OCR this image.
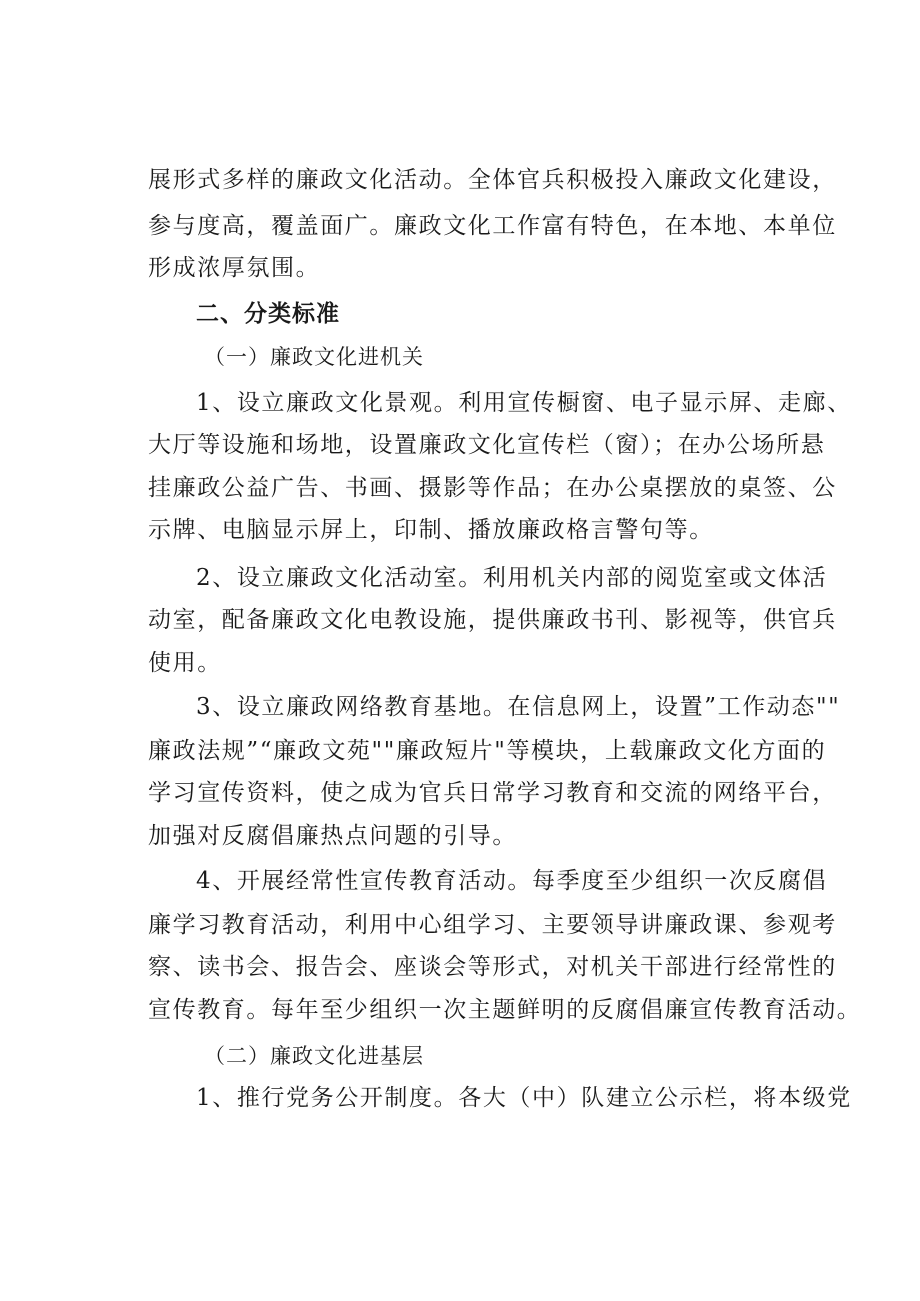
展形式多样的廉政文化活动。全体官兵积极投入廉政文化建设，
参与度高，覆盖面广。廉政文化工作富有特色，在本地、本单位
形成浓厚氛围。
二、分类标准
（一）廉政文化进机关
1、设立廉政文化景观。利用宣传橱窗、电子显示屏、走廊、
大厅等设施和场地，设置廉政文化宣传栏（窗）；在办公场所悬
挂廉政公益广告、书画、摄影等作品；在办公桌摆放的桌签、公
示牌、电脑显示屏上，印制、播放廉政格言警句等。
2、设立廉政文化活动室。利用机关内部的阅览室或文体活
动室，配备廉政文化电教设施，提供廉政书刊、影视等，供官兵
使用。
3、设立廉政网络教育基地。在信息网上，设置”工作动态""
廉政法规”“廉政文苑""廉政短片"等模块，上载廉政文化方面的
学习宣传资料，使之成为官兵日常学习教育和交流的网络平台，
加强对反腐倡廉热点问题的引导。
4、开展经常性宣传教育活动。每季度至少组织一次反腐倡
廉学习教育活动，利用中心组学习、主要领导讲廉政课、参观考
察、读书会、报告会、座谈会等形式，对机关干部进行经常性的
宣传教育。每年至少组织一次主题鲜明的反腐倡廉宣传教育活动。
（二）廉政文化进基层
1、推行党务公开制度。各大（中）队建立公示栏，将本级党
